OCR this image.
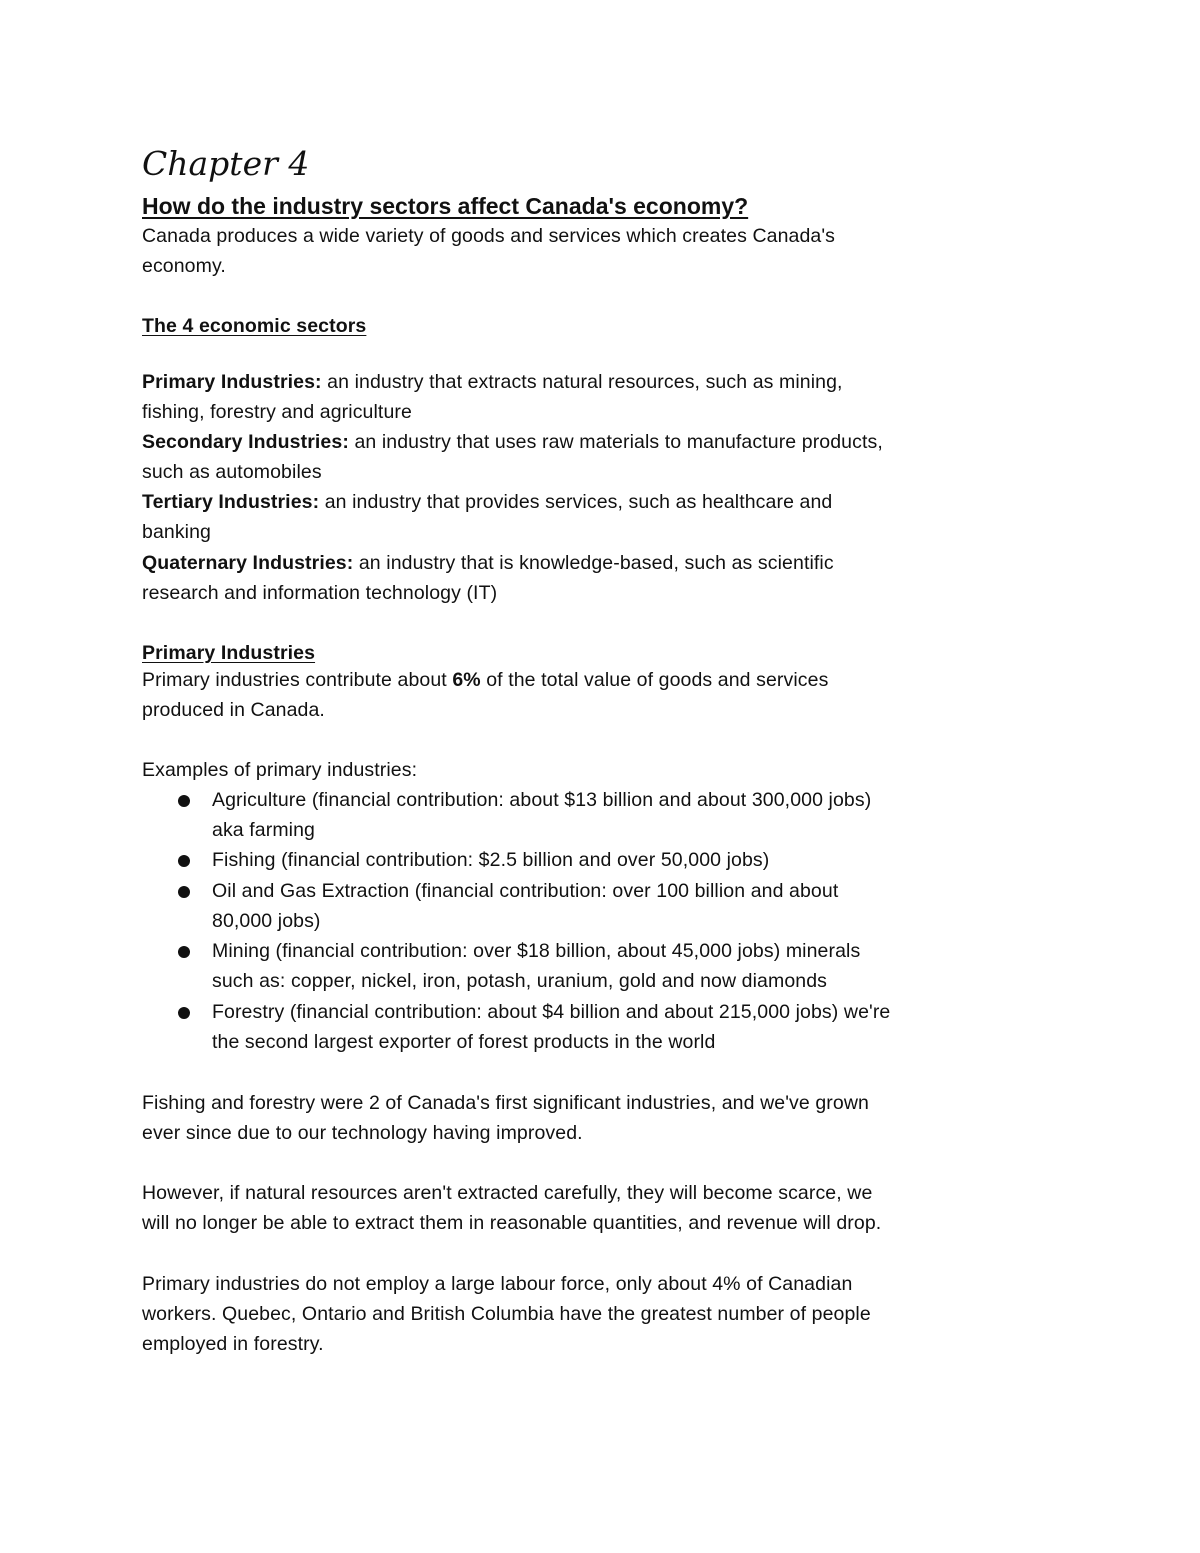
Chapter 4
How do the industry sectors affect Canada's economy?
Canada produces a wide variety of goods and services which creates Canada's
economy.
The 4 economic sectors
Primary Industries: an industry that extracts natural resources, such as mining,
fishing, forestry and agriculture
Secondary Industries: an industry that uses raw materials to manufacture products,
such as automobiles
Tertiary Industries: an industry that provides services, such as healthcare and
banking
Quaternary Industries: an industry that is knowledge-based, such as scientific
research and information technology (IT)
Primary Industries
Primary industries contribute about 6% of the total value of goods and services
produced in Canada.
Examples of primary industries:
Agriculture (financial contribution: about $13 billion and about 300,000 jobs)
aka farming
Fishing (financial contribution: $2.5 billion and over 50,000 jobs)
Oil and Gas Extraction (financial contribution: over 100 billion and about
80,000 jobs)
Mining (financial contribution: over $18 billion, about 45,000 jobs) minerals
such as: copper, nickel, iron, potash, uranium, gold and now diamonds
Forestry (financial contribution: about $4 billion and about 215,000 jobs) we're
the second largest exporter of forest products in the world
Fishing and forestry were 2 of Canada's first significant industries, and we've grown
ever since due to our technology having improved.
However, if natural resources aren't extracted carefully, they will become scarce, we
will no longer be able to extract them in reasonable quantities, and revenue will drop.
Primary industries do not employ a large labour force, only about 4% of Canadian
workers. Quebec, Ontario and British Columbia have the greatest number of people
employed in forestry.
